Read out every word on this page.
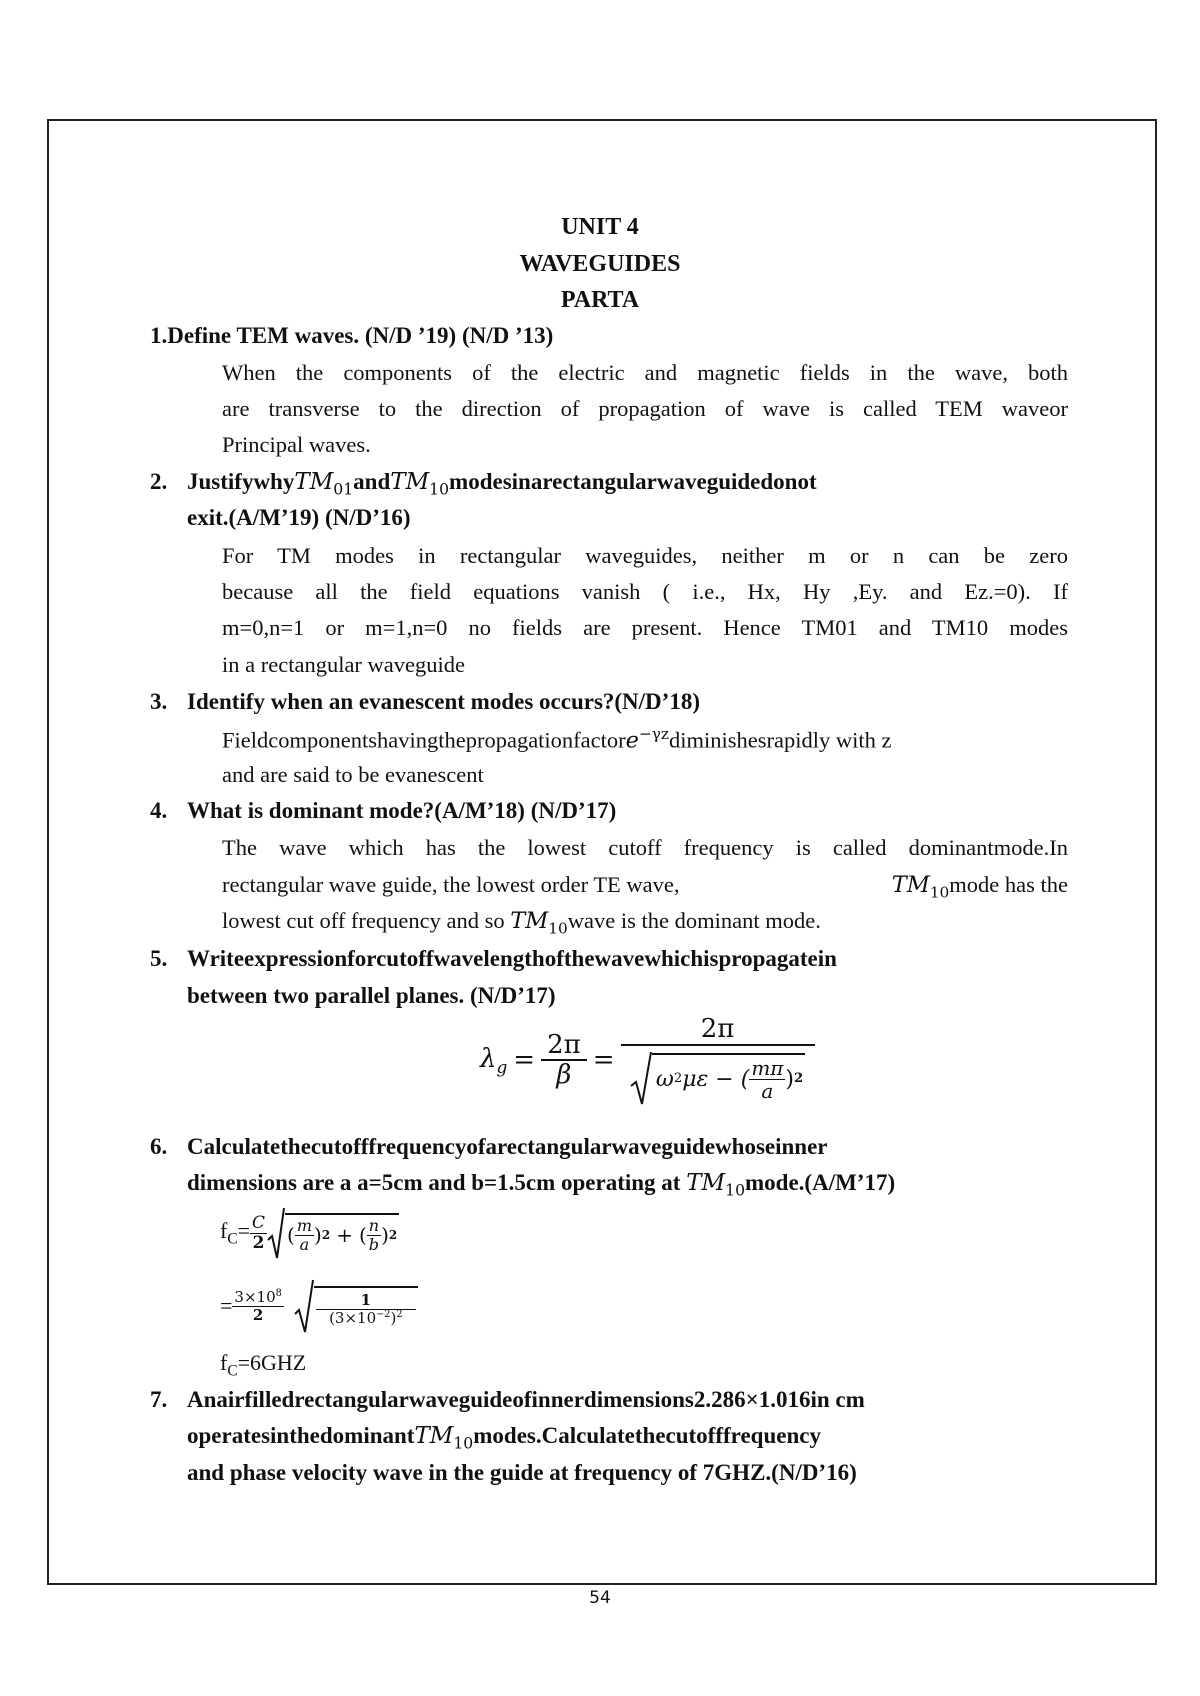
UNIT 4
WAVEGUIDES
PARTA
1.Define TEM waves. (N/D ’19) (N/D ’13)
When the components of the electric and magnetic fields in the wave, both
are transverse to the direction of propagation of wave is called TEM waveor
Principal waves.
2. JustifywhyTM$_{01}$andTM$_{10}$modesinarectangularwaveguidedonot
exit.(A/M’19) (N/D’16)
For TM modes in rectangular waveguides, neither m or n can be zero
because all the field equations vanish ( i.e., Hx, Hy ,Ey. and Ez.=0). If
m=0,n=1 or m=1,n=0 no fields are present. Hence TM01 and TM10 modes
in a rectangular waveguide
3. Identify when an evanescent modes occurs?(N/D’18)
Fieldcomponentshavingthepropagationfactore$^{-\gamma z}$diminishesrapidly with z
and are said to be evanescent
4. What is dominant mode?(A/M’18) (N/D’17)
The wave which has the lowest cutoff frequency is called dominantmode.In
rectangular wave guide, the lowest order TE wave,	$TM_{10}mode$ has the
lowest cut off frequency and so $TM_{10}wave$ is the dominant mode.
5. Writeexpressionforcutoffwavelengthofthewavewhichispropagatein
between two parallel planes. (N/D’17)
$\lambda_g = \frac{2\pi}{\beta}$ =
2π
ω 2 με − ( $\frac{m\pi}{a}$ ) 2
6. Calculatethecutofffrequencyofarectangularwaveguidewhoseinner
dimensions are a a=5cm and b=1.5cm operating at $TM_{10}mode.(A/M’17)$
$f_C= \frac{C}{2}$ ( $\frac{m}{a}$ ) 2 + ( $\frac{n}{b}$ ) 2
= $\frac{3\times 10^8}{2} \frac{1}{(3\times 10^{-2})^2}$
$f_C=6GHZ$
7. Anairfilledrectangularwaveguideofinnerdimensions2.286×1.016in cm
operatesinthedominantTM$_{10}$modes.Calculatethecutofffrequency
and phase velocity wave in the guide at frequency of 7GHZ.(N/D’16)
54
